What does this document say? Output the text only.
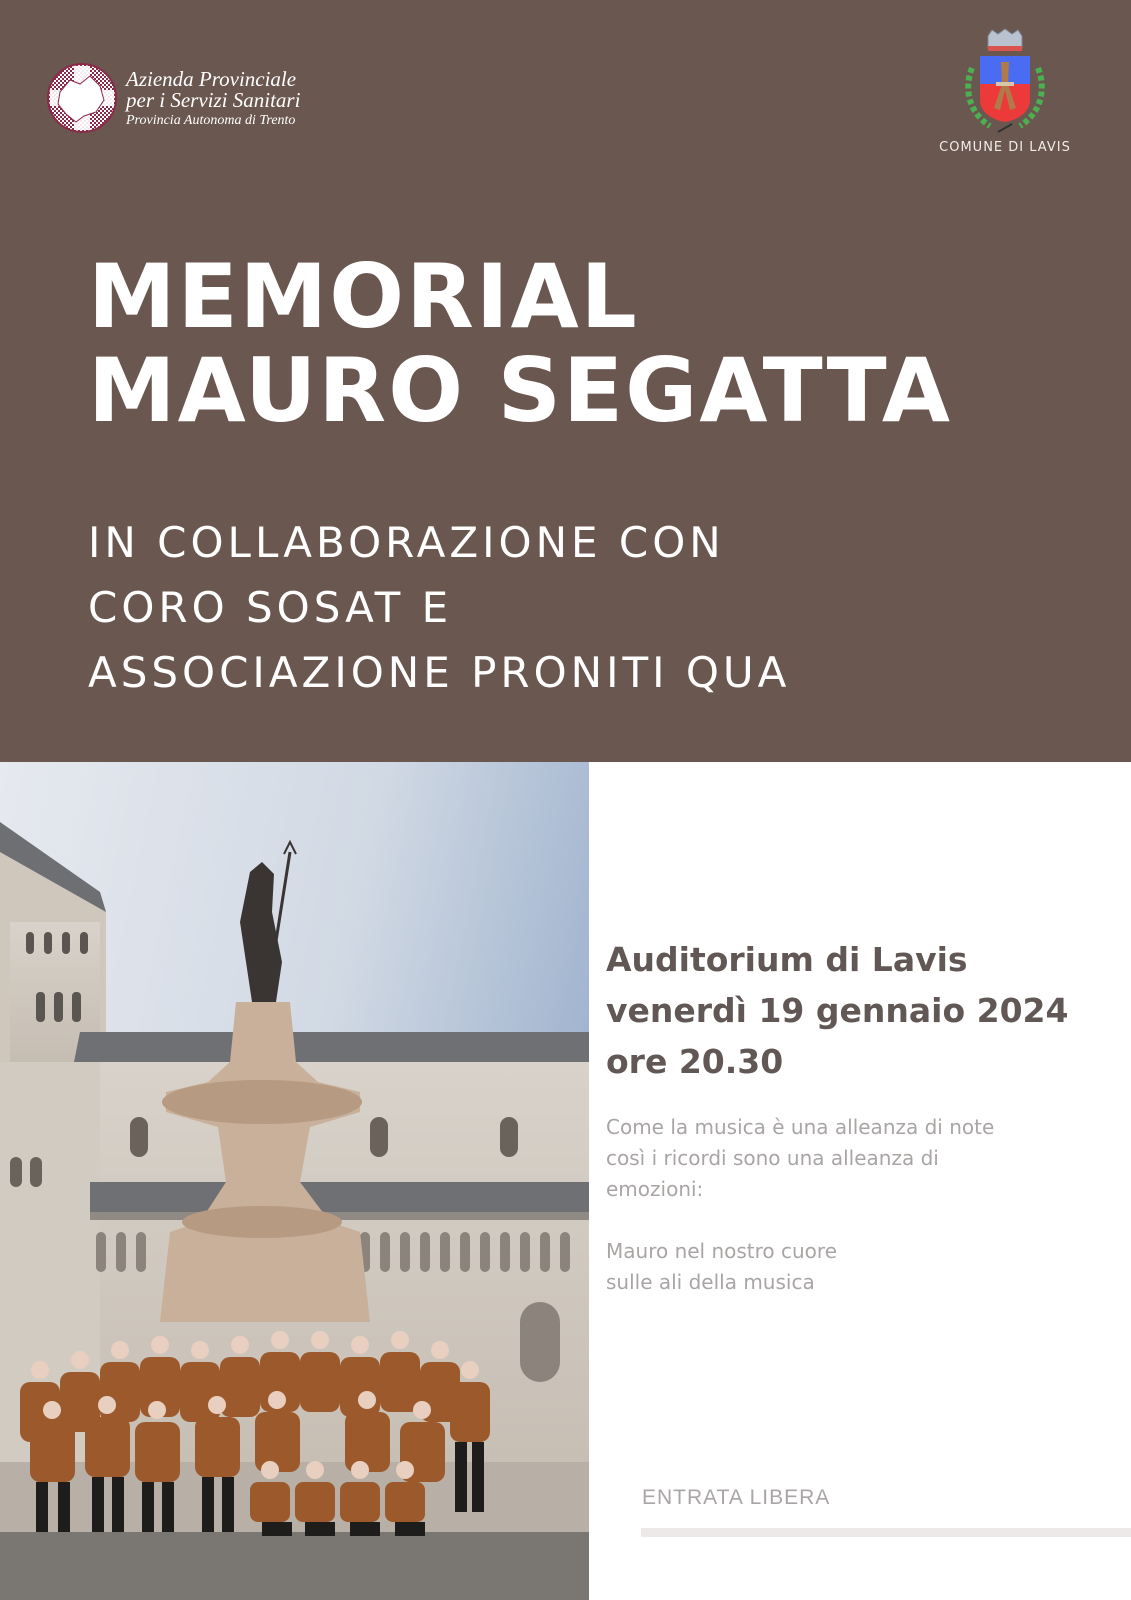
Azienda Provinciale
per i Servizi Sanitari
Provincia Autonoma di Trento
COMUNE DI LAVIS
MEMORIAL
MAURO SEGATTA
IN COLLABORAZIONE CON
CORO SOSAT E
ASSOCIAZIONE PRONITI QUA
Auditorium di Lavis
venerdì 19 gennaio 2024
ore 20.30

Come la musica è una alleanza di note

così i ricordi sono una alleanza di

emozioni:

Mauro nel nostro cuore

sulle ali della musica

ENTRATA LIBERA
